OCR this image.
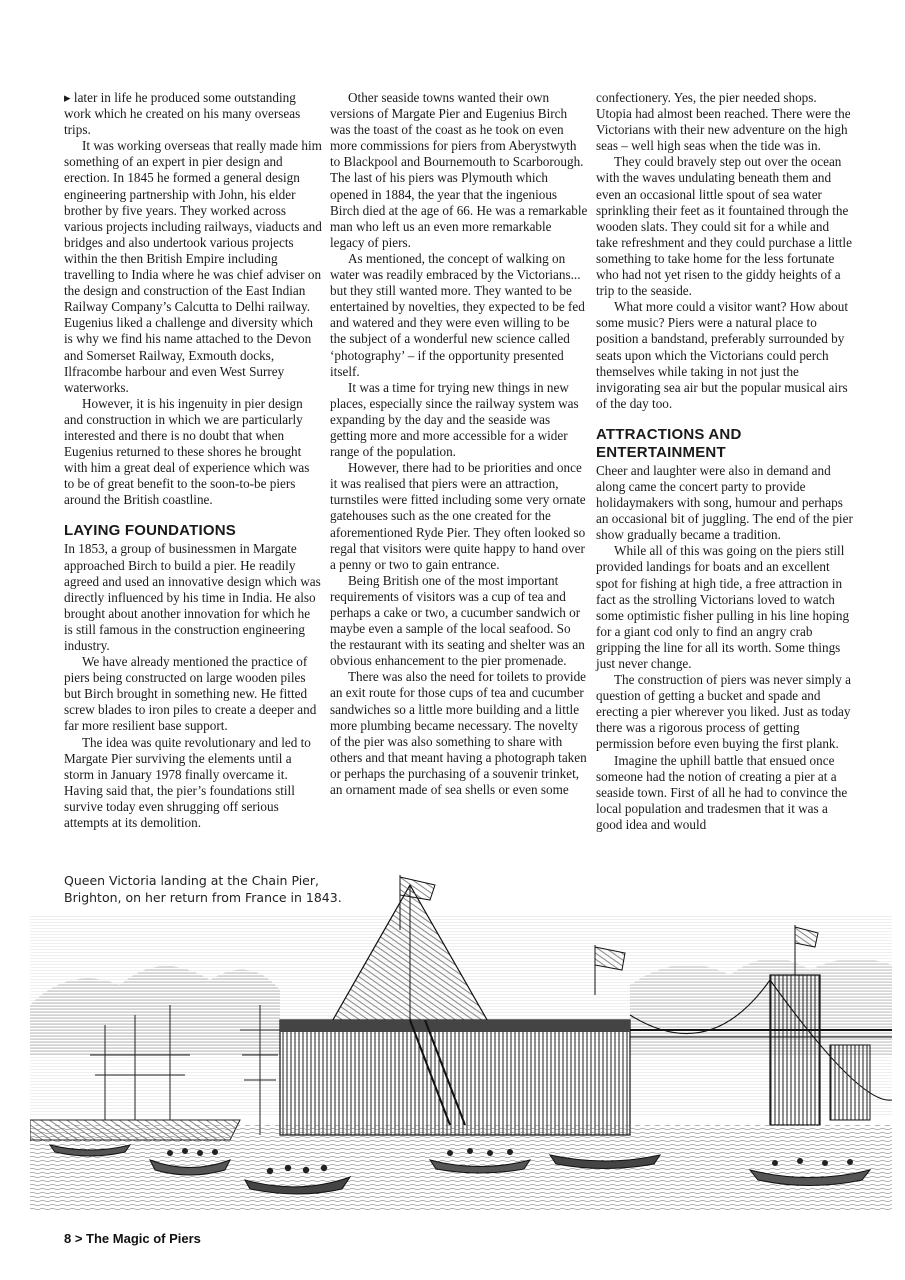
▸ later in life he produced some outstanding work which he created on his many overseas trips.

It was working overseas that really made him something of an expert in pier design and erection. In 1845 he formed a general design engineering partnership with John, his elder brother by five years. They worked across various projects including railways, viaducts and bridges and also undertook various projects within the then British Empire including travelling to India where he was chief adviser on the design and construction of the East Indian Railway Company’s Calcutta to Delhi railway. Eugenius liked a challenge and diversity which is why we find his name attached to the Devon and Somerset Railway, Exmouth docks, Ilfracombe harbour and even West Surrey waterworks.

However, it is his ingenuity in pier design and construction in which we are particularly interested and there is no doubt that when Eugenius returned to these shores he brought with him a great deal of experience which was to be of great benefit to the soon-to-be piers around the British coastline.

LAYING FOUNDATIONS

In 1853, a group of businessmen in Margate approached Birch to build a pier. He readily agreed and used an innovative design which was directly influenced by his time in India. He also brought about another innovation for which he is still famous in the construction engineering industry.

We have already mentioned the practice of piers being constructed on large wooden piles but Birch brought in something new. He fitted screw blades to iron piles to create a deeper and far more resilient base support.

The idea was quite revolutionary and led to Margate Pier surviving the elements until a storm in January 1978 finally overcame it. Having said that, the pier’s foundations still survive today even shrugging off serious attempts at its demolition.

Other seaside towns wanted their own versions of Margate Pier and Eugenius Birch was the toast of the coast as he took on even more commissions for piers from Aberystwyth to Blackpool and Bournemouth to Scarborough. The last of his piers was Plymouth which opened in 1884, the year that the ingenious Birch died at the age of 66. He was a remarkable man who left us an even more remarkable legacy of piers.

As mentioned, the concept of walking on water was readily embraced by the Victorians... but they still wanted more. They wanted to be entertained by novelties, they expected to be fed and watered and they were even willing to be the subject of a wonderful new science called ‘photography’ – if the opportunity presented itself.

It was a time for trying new things in new places, especially since the railway system was expanding by the day and the seaside was getting more and more accessible for a wider range of the population.

However, there had to be priorities and once it was realised that piers were an attraction, turnstiles were fitted including some very ornate gatehouses such as the one created for the aforementioned Ryde Pier. They often looked so regal that visitors were quite happy to hand over a penny or two to gain entrance.

Being British one of the most important requirements of visitors was a cup of tea and perhaps a cake or two, a cucumber sandwich or maybe even a sample of the local seafood. So the restaurant with its seating and shelter was an obvious enhancement to the pier promenade.

There was also the need for toilets to provide an exit route for those cups of tea and cucumber sandwiches so a little more building and a little more plumbing became necessary. The novelty of the pier was also something to share with others and that meant having a photograph taken or perhaps the purchasing of a souvenir trinket, an ornament made of sea shells or even some

confectionery. Yes, the pier needed shops. Utopia had almost been reached. There were the Victorians with their new adventure on the high seas – well high seas when the tide was in.

They could bravely step out over the ocean with the waves undulating beneath them and even an occasional little spout of sea water sprinkling their feet as it fountained through the wooden slats. They could sit for a while and take refreshment and they could purchase a little something to take home for the less fortunate who had not yet risen to the giddy heights of a trip to the seaside.

What more could a visitor want? How about some music? Piers were a natural place to position a bandstand, preferably surrounded by seats upon which the Victorians could perch themselves while taking in not just the invigorating sea air but the popular musical airs of the day too.

ATTRACTIONS AND ENTERTAINMENT

Cheer and laughter were also in demand and along came the concert party to provide holidaymakers with song, humour and perhaps an occasional bit of juggling. The end of the pier show gradually became a tradition.

While all of this was going on the piers still provided landings for boats and an excellent spot for fishing at high tide, a free attraction in fact as the strolling Victorians loved to watch some optimistic fisher pulling in his line hoping for a giant cod only to find an angry crab gripping the line for all its worth. Some things just never change.

The construction of piers was never simply a question of getting a bucket and spade and erecting a pier wherever you liked. Just as today there was a rigorous process of getting permission before even buying the first plank.

Imagine the uphill battle that ensued once someone had the notion of creating a pier at a seaside town. First of all he had to convince the local population and tradesmen that it was a good idea and would

Queen Victoria landing at the Chain Pier,
Brighton, on her return from France in 1843.
8 > The Magic of Piers
